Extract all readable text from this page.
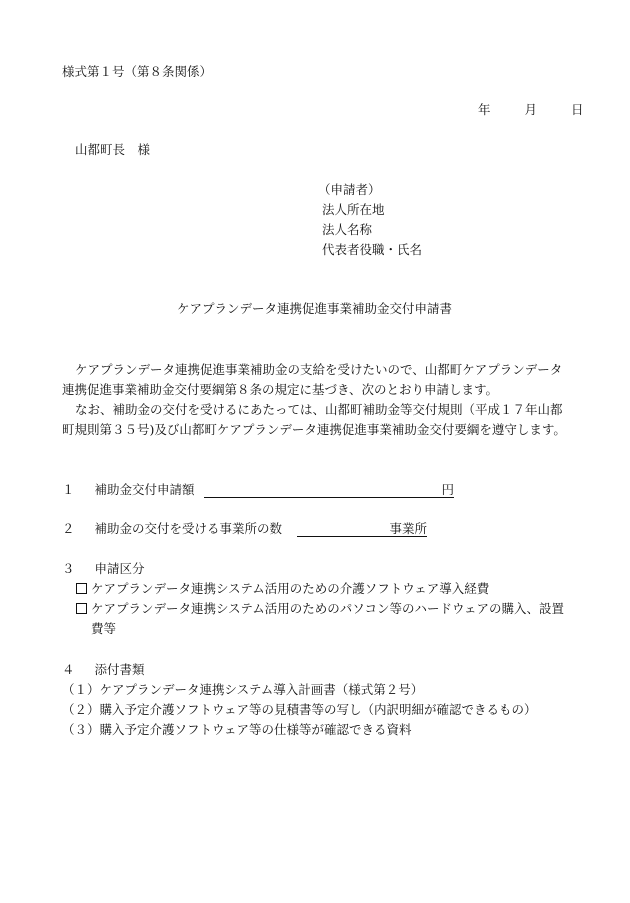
様式第１号（第８条関係）
年	月	日
山都町長　様
（申請者）
法人所在地
法人名称
代表者役職・氏名
ケアプランデータ連携促進事業補助金交付申請書
ケアプランデータ連携促進事業補助金の支給を受けたいので、山都町ケアプランデータ
連携促進事業補助金交付要綱第８条の規定に基づき、次のとおり申請します。
なお、補助金の交付を受けるにあたっては、山都町補助金等交付規則（平成１７年山都
町規則第３５号)及び山都町ケアプランデータ連携促進事業補助金交付要綱を遵守します。
１ 補助金交付申請額	円
２ 補助金の交付を受ける事業所の数	事業所
３ 申請区分
ケアプランデータ連携システム活用のための介護ソフトウェア導入経費
ケアプランデータ連携システム活用のためのパソコン等のハードウェアの購入、設置
費等
４ 添付書類
（１）ケアプランデータ連携システム導入計画書（様式第２号）
（２）購入予定介護ソフトウェア等の見積書等の写し（内訳明細が確認できるもの）
（３）購入予定介護ソフトウェア等の仕様等が確認できる資料
